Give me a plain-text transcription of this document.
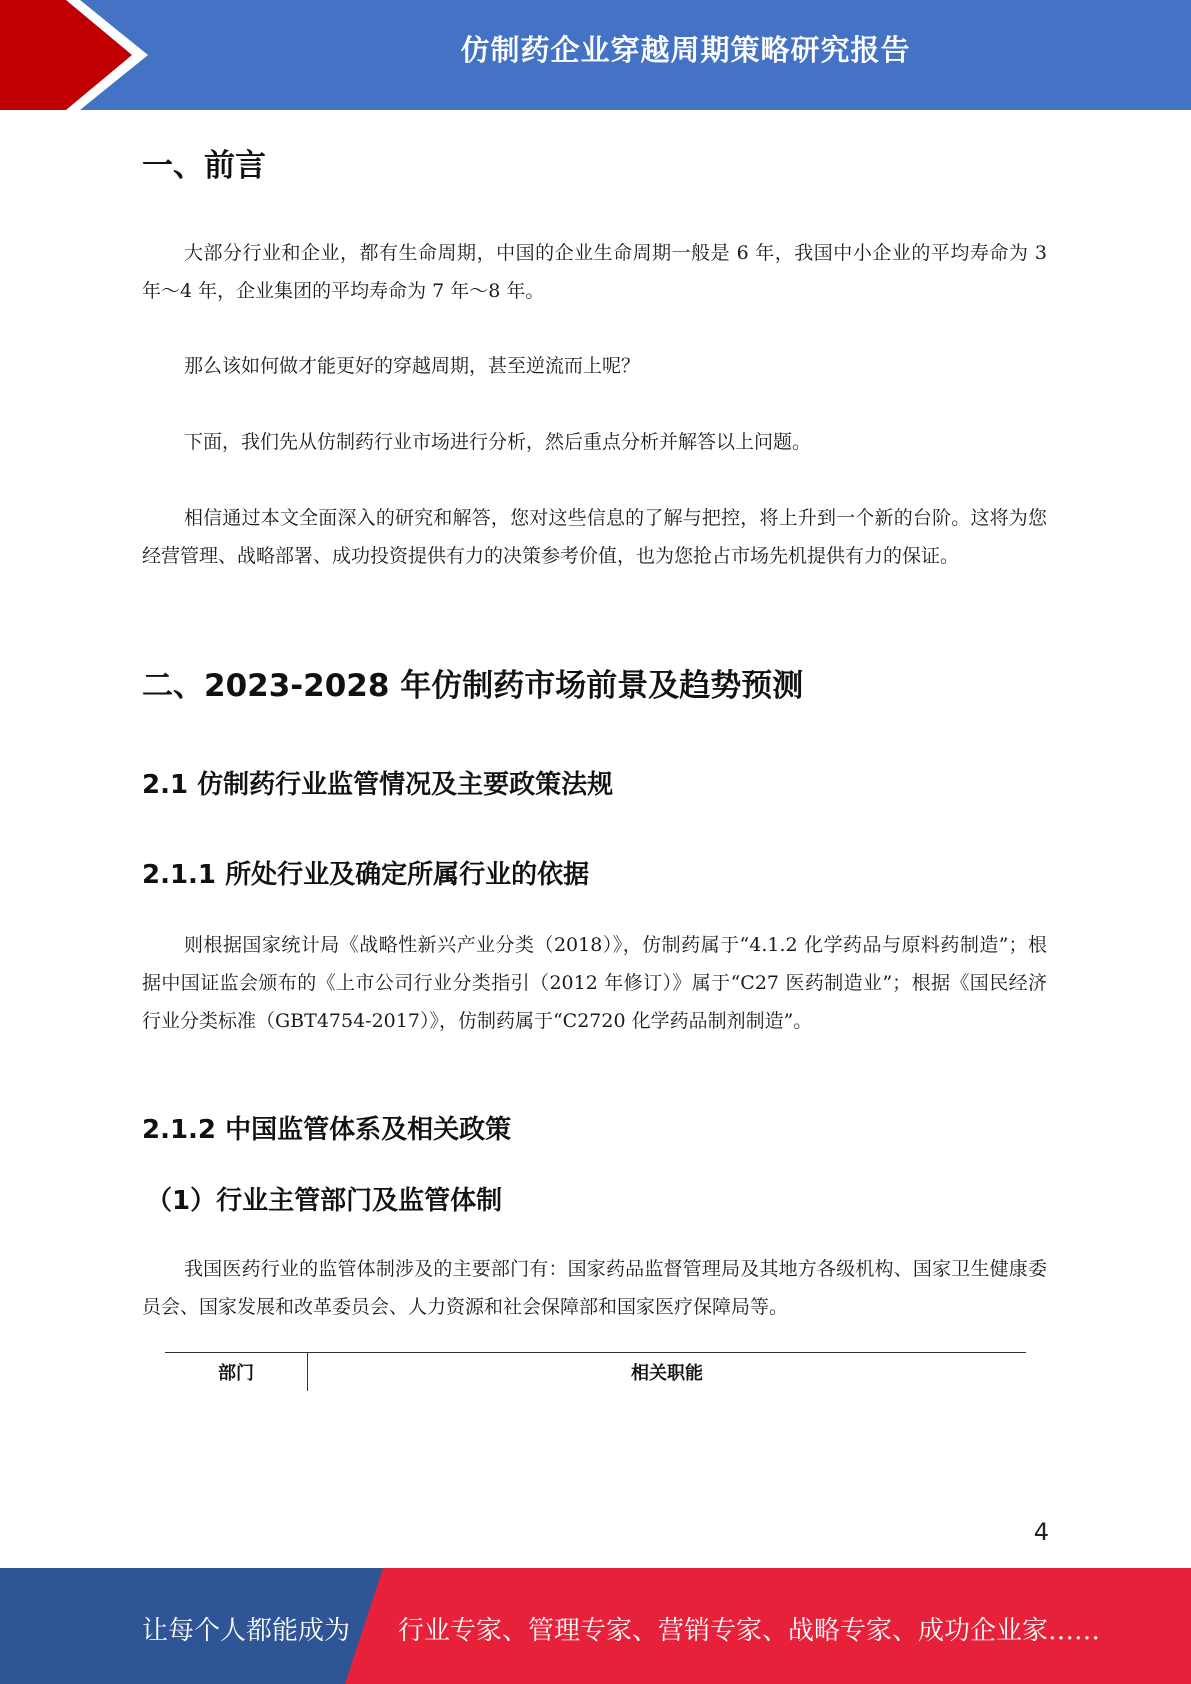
仿制药企业穿越周期策略研究报告
一、前言

大部分行业和企业，都有生命周期，中国的企业生命周期一般是 6 年，我国中小企业的平均寿命为 3 年～4 年，企业集团的平均寿命为 7 年～8 年。

那么该如何做才能更好的穿越周期，甚至逆流而上呢？

下面，我们先从仿制药行业市场进行分析，然后重点分析并解答以上问题。

相信通过本文全面深入的研究和解答，您对这些信息的了解与把控，将上升到一个新的台阶。这将为您经营管理、战略部署、成功投资提供有力的决策参考价值，也为您抢占市场先机提供有力的保证。

二、2023-2028 年仿制药市场前景及趋势预测
2.1 仿制药行业监管情况及主要政策法规
2.1.1 所处行业及确定所属行业的依据

则根据国家统计局《战略性新兴产业分类（2018）》，仿制药属于“4.1.2 化学药品与原料药制造”；根据中国证监会颁布的《上市公司行业分类指引（2012 年修订）》属于“C27 医药制造业”；根据《国民经济行业分类标准（GBT4754-2017）》，仿制药属于“C2720 化学药品制剂制造”。

2.1.2 中国监管体系及相关政策
（1）行业主管部门及监管体制

我国医药行业的监管体制涉及的主要部门有：国家药品监督管理局及其地方各级机构、国家卫生健康委员会、国家发展和改革委员会、人力资源和社会保障部和国家医疗保障局等。

部门	相关职能
4
让每个人都能成为 行业专家、管理专家、营销专家、战略专家、成功企业家……
